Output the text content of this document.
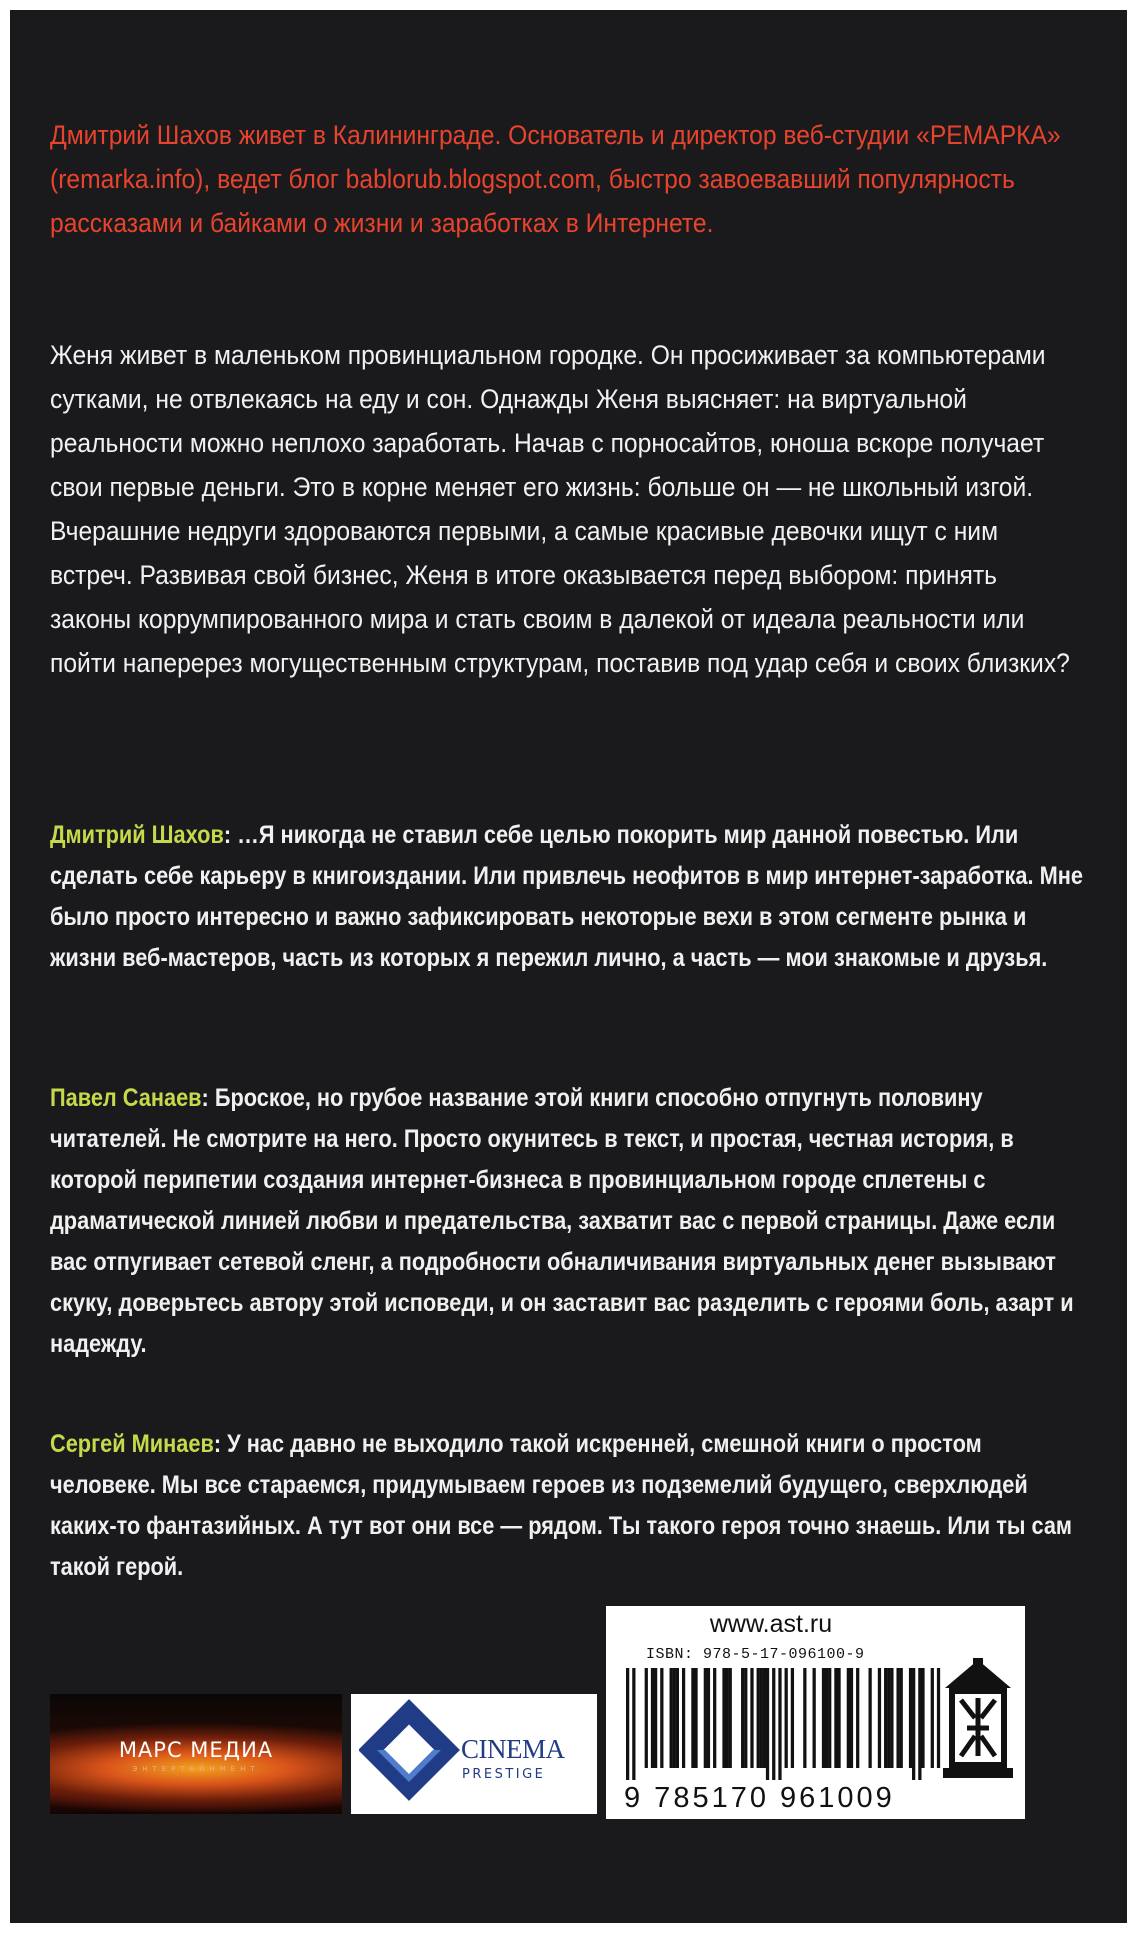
Дмитрий Шахов живет в Калининграде. Основатель и директор веб-студии «РЕМАРКА» (remarka.info), ведет блог bablorub.blogspot.com, быстро завоевавший популярность рассказами и байками о жизни и заработках в Интернете.

Женя живет в маленьком провинциальном городке. Он просиживает за компьютерами сутками, не отвлекаясь на еду и сон. Однажды Женя выясняет: на виртуальной реальности можно неплохо заработать. Начав с порносайтов, юноша вскоре получает свои первые деньги. Это в корне меняет его жизнь: больше он — не школьный изгой. Вчерашние недруги здороваются первыми, а самые красивые девочки ищут с ним встреч. Развивая свой бизнес, Женя в итоге оказывается перед выбором: принять законы коррумпированного мира и стать своим в далекой от идеала реальности или пойти наперерез могущественным структурам, поставив под удар себя и своих близких?

Дмитрий Шахов: …Я никогда не ставил себе целью покорить мир данной повестью. Или сделать себе карьеру в книгоиздании. Или привлечь неофитов в мир интернет-заработка. Мне было просто интересно и важно зафиксировать некоторые вехи в этом сегменте рынка и жизни веб-мастеров, часть из которых я пережил лично, а часть — мои знакомые и друзья.

Павел Санаев: Броское, но грубое название этой книги способно отпугнуть половину читателей. Не смотрите на него. Просто окунитесь в текст, и простая, честная история, в которой перипетии создания интернет-бизнеса в провинциальном городе сплетены с драматической линией любви и предательства, захватит вас с первой страницы. Даже если вас отпугивает сетевой сленг, а подробности обналичивания виртуальных денег вызывают скуку, доверьтесь автору этой исповеди, и он заставит вас разделить с героями боль, азарт и надежду.

Сергей Минаев: У нас давно не выходило такой искренней, смешной книги о простом человеке. Мы все стараемся, придумываем героев из подземелий будущего, сверхлюдей каких-то фантазийных. А тут вот они все — рядом. Ты такого героя точно знаешь. Или ты сам такой герой.

МАРС МЕДИА
ЭНТЕРТЕЙНМЕНТ
CINEMA
PRESTIGE
www.ast.ru
ISBN: 978-5-17-096100-9
9 785170 961009
